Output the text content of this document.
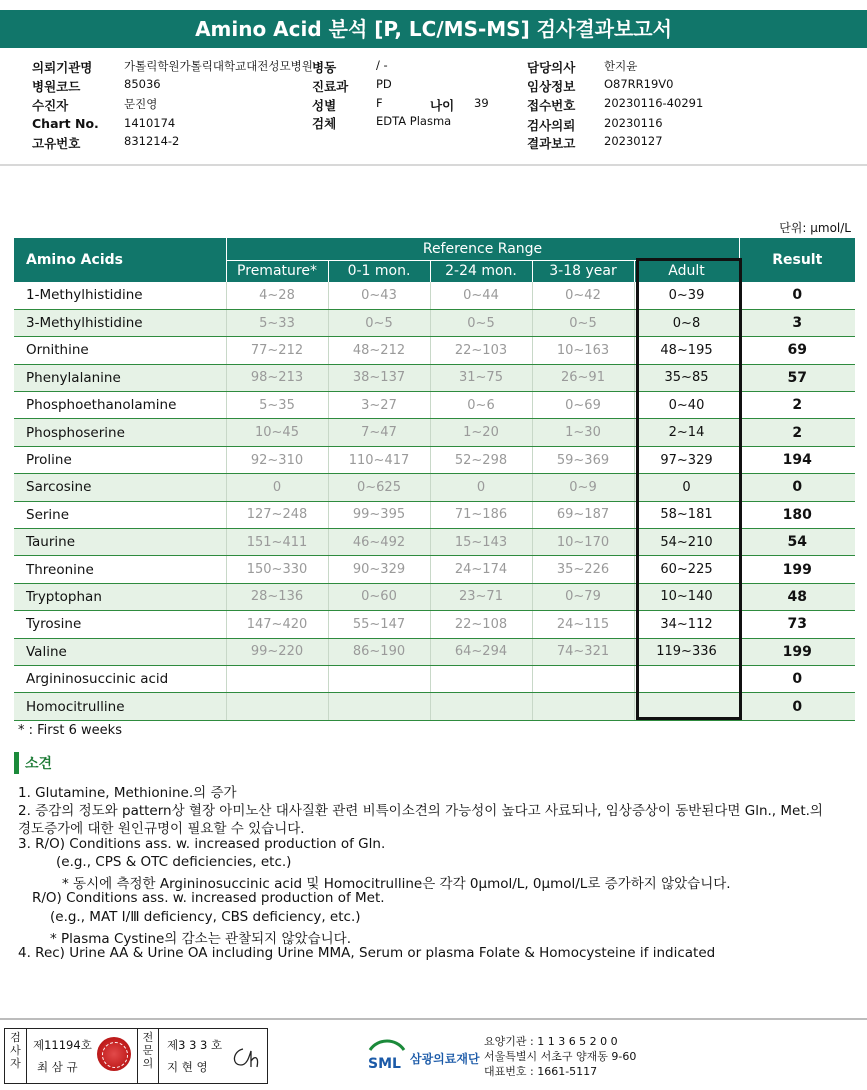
Amino Acid 분석 [P, LC/MS-MS] 검사결과보고서
의뢰기관명	가톨릭학원가톨릭대학교대전성모병원 병동	/ -	담당의사 한지윤
병원코드	85036	진료과 PD	임상정보 O87RR19V0
수진자	문진영	성별	F	나이 39	접수번호 20230116-40291
Chart No. 1410174	검체	EDTA Plasma	검사의뢰 20230116
고유번호	831214-2	결과보고 20230127
단위: μmol/L
Amino Acids	Reference Range					Result
	Premature*	0-1 mon.	2-24 mon.	3-18 year	Adult	
1-Methylhistidine	4~28	0~43	0~44	0~42	0~39	0
3-Methylhistidine	5~33	0~5	0~5	0~5	0~8	3
Ornithine	77~212	48~212	22~103	10~163	48~195	69
Phenylalanine	98~213	38~137	31~75	26~91	35~85	57
Phosphoethanolamine	5~35	3~27	0~6	0~69	0~40	2
Phosphoserine	10~45	7~47	1~20	1~30	2~14	2
Proline	92~310	110~417	52~298	59~369	97~329	194
Sarcosine	0	0~625	0	0~9	0	0
Serine	127~248	99~395	71~186	69~187	58~181	180
Taurine	151~411	46~492	15~143	10~170	54~210	54
Threonine	150~330	90~329	24~174	35~226	60~225	199
Tryptophan	28~136	0~60	23~71	0~79	10~140	48
Tyrosine	147~420	55~147	22~108	24~115	34~112	73
Valine	99~220	86~190	64~294	74~321	119~336	199
Argininosuccinic acid						0
Homocitrulline						0
* : First 6 weeks
소견
1. Glutamine, Methionine.의 증가
2. 증감의 정도와 pattern상 혈장 아미노산 대사질환 관련 비특이소견의 가능성이 높다고 사료되나, 임상증상이 동반된다면 Gln., Met.의
경도증가에 대한 원인규명이 필요할 수 있습니다.
3. R/O) Conditions ass. w. increased production of Gln.
(e.g., CPS & OTC deficiencies, etc.)
* 동시에 측정한 Argininosuccinic acid 및 Homocitrulline은 각각 0μmol/L, 0μmol/L로 증가하지 않았습니다.
R/O) Conditions ass. w. increased production of Met.
(e.g., MAT Ⅰ/Ⅲ deficiency, CBS deficiency, etc.)
* Plasma Cystine의 감소는 관찰되지 않았습니다.
4. Rec) Urine AA & Urine OA including Urine MMA, Serum or plasma Folate & Homocysteine if indicated
검사자
제11194호
최 삼 규
전문의
제3 3 3 호
지 현 영	SML 삼광의료재단
요양기관 : 1 1 3 6 5 2 0 0
서울특별시 서초구 양재동 9-60
대표번호 : 1661-5117
